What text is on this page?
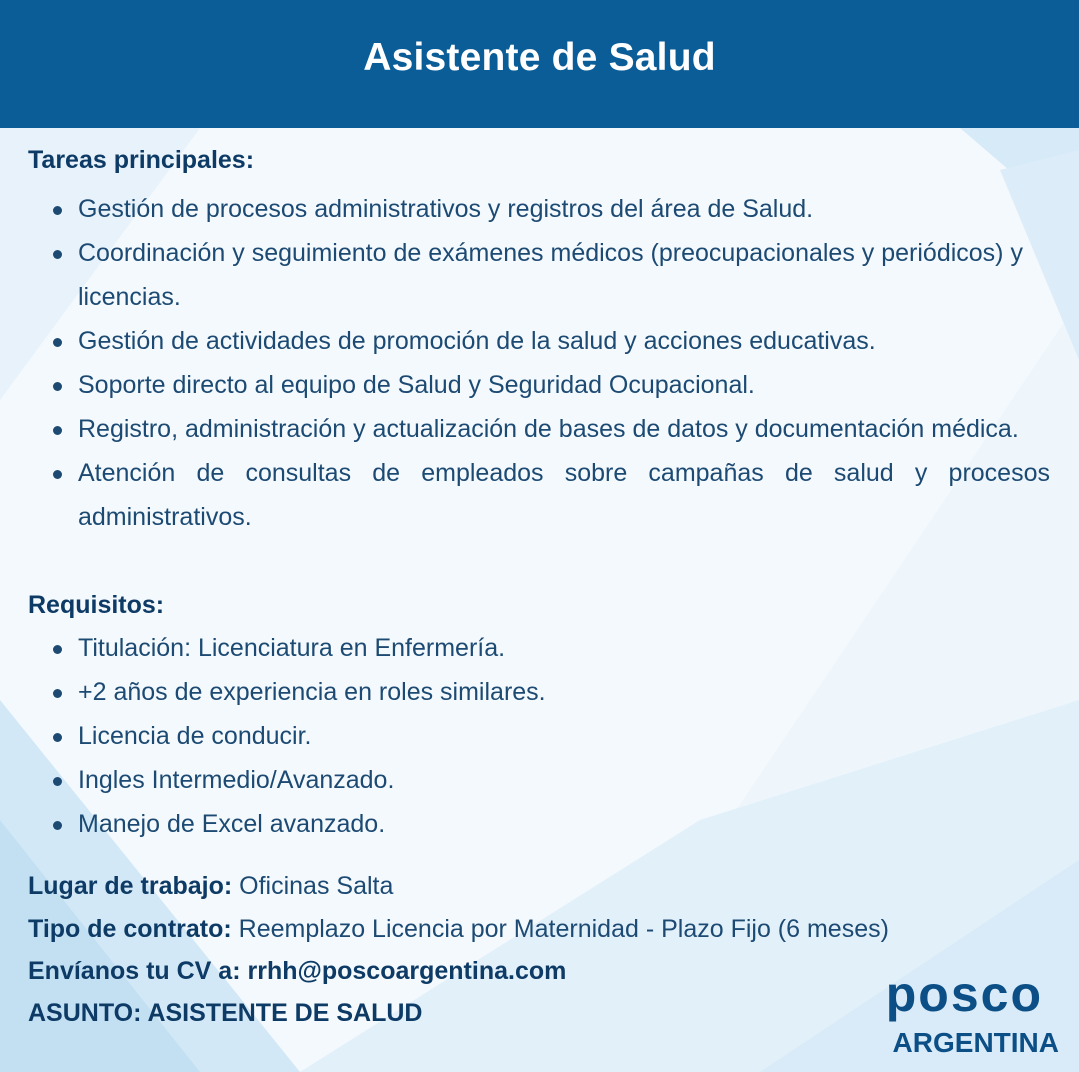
Asistente de Salud
Tareas principales:
Gestión de procesos administrativos y registros del área de Salud.
Coordinación y seguimiento de exámenes médicos (preocupacionales y periódicos) y licencias.
Gestión de actividades de promoción de la salud y acciones educativas.
Soporte directo al equipo de Salud y Seguridad Ocupacional.
Registro, administración y actualización de bases de datos y documentación médica.
Atención de consultas de empleados sobre campañas de salud y procesos administrativos.
Requisitos:
Titulación: Licenciatura en Enfermería.
+2 años de experiencia en roles similares.
Licencia de conducir.
Ingles Intermedio/Avanzado.
Manejo de Excel avanzado.
Lugar de trabajo: Oficinas Salta
Tipo de contrato: Reemplazo Licencia por Maternidad - Plazo Fijo (6 meses)
Envíanos tu CV a: rrhh@poscoargentina.com
ASUNTO: ASISTENTE DE SALUD	posco
ARGENTINA
